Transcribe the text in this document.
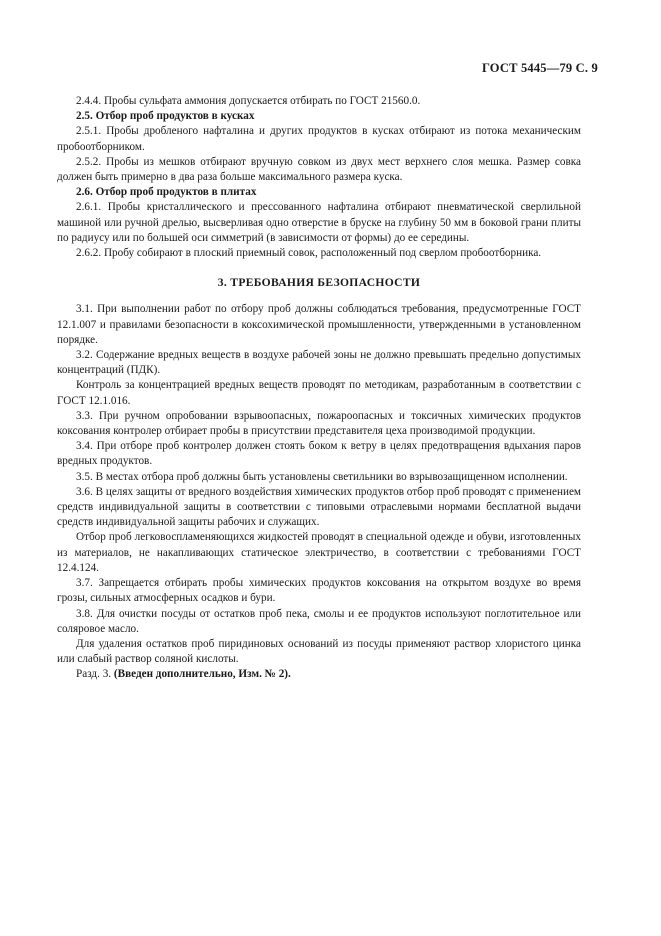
ГОСТ 5445—79 С. 9

2.4.4. Пробы сульфата аммония допускается отбирать по ГОСТ 21560.0.

2.5. Отбор проб продуктов в кусках

2.5.1. Пробы дробленого нафталина и других продуктов в кусках отбирают из потока механическим пробоотборником.

2.5.2. Пробы из мешков отбирают вручную совком из двух мест верхнего слоя мешка. Размер совка должен быть примерно в два раза больше максимального размера куска.

2.6. Отбор проб продуктов в плитах

2.6.1. Пробы кристаллического и прессованного нафталина отбирают пневматической сверлильной машиной или ручной дрелью, высверливая одно отверстие в бруске на глубину 50 мм в боковой грани плиты по радиусу или по большей оси симметрий (в зависимости от формы) до ее середины.

2.6.2. Пробу собирают в плоский приемный совок, расположенный под сверлом пробоотборника.

3. ТРЕБОВАНИЯ БЕЗОПАСНОСТИ

3.1. При выполнении работ по отбору проб должны соблюдаться требования, предусмотренные ГОСТ 12.1.007 и правилами безопасности в коксохимической промышленности, утвержденными в установленном порядке.

3.2. Содержание вредных веществ в воздухе рабочей зоны не должно превышать предельно допустимых концентраций (ПДК).

Контроль за концентрацией вредных веществ проводят по методикам, разработанным в соответствии с ГОСТ 12.1.016.

3.3. При ручном опробовании взрывоопасных, пожароопасных и токсичных химических продуктов коксования контролер отбирает пробы в присутствии представителя цеха производимой продукции.

3.4. При отборе проб контролер должен стоять боком к ветру в целях предотвращения вдыхания паров вредных продуктов.

3.5. В местах отбора проб должны быть установлены светильники во взрывозащищенном исполнении.

3.6. В целях защиты от вредного воздействия химических продуктов отбор проб проводят с применением средств индивидуальной защиты в соответствии с типовыми отраслевыми нормами бесплатной выдачи средств индивидуальной защиты рабочих и служащих.

Отбор проб легковоспламеняющихся жидкостей проводят в специальной одежде и обуви, изготовленных из материалов, не накапливающих статическое электричество, в соответствии с требованиями ГОСТ 12.4.124.

3.7. Запрещается отбирать пробы химических продуктов коксования на открытом воздухе во время грозы, сильных атмосферных осадков и бури.

3.8. Для очистки посуды от остатков проб пека, смолы и ее продуктов используют поглотительное или соляровое масло.

Для удаления остатков проб пиридиновых оснований из посуды применяют раствор хлористого цинка или слабый раствор соляной кислоты.

Разд. 3. (Введен дополнительно, Изм. № 2).
